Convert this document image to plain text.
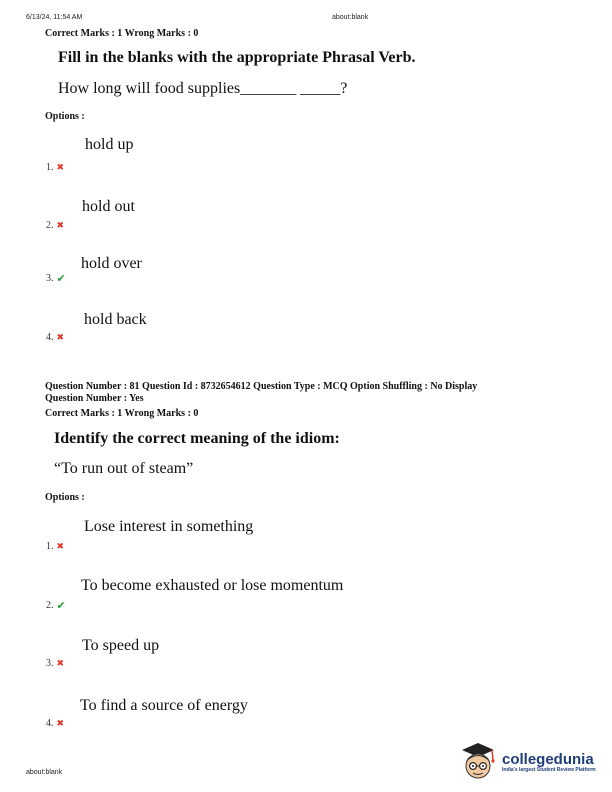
6/13/24, 11:54 AM	about:blank
Correct Marks : 1 Wrong Marks : 0
Fill in the blanks with the appropriate Phrasal Verb.
How long will food supplies_______ _____?
Options :
hold up
1. ✖
hold out
2. ✖
hold over
3. ✔
hold back
4. ✖
Question Number : 81 Question Id : 8732654612 Question Type : MCQ Option Shuffling : No Display
Question Number : Yes
Correct Marks : 1 Wrong Marks : 0
Identify the correct meaning of the idiom:
“To run out of steam”
Options :
Lose interest in something
1. ✖
To become exhausted or lose momentum
2. ✔
To speed up
3. ✖
To find a source of energy
4. ✖
about:blank
collegedunia
India's largest Student Review Platform
